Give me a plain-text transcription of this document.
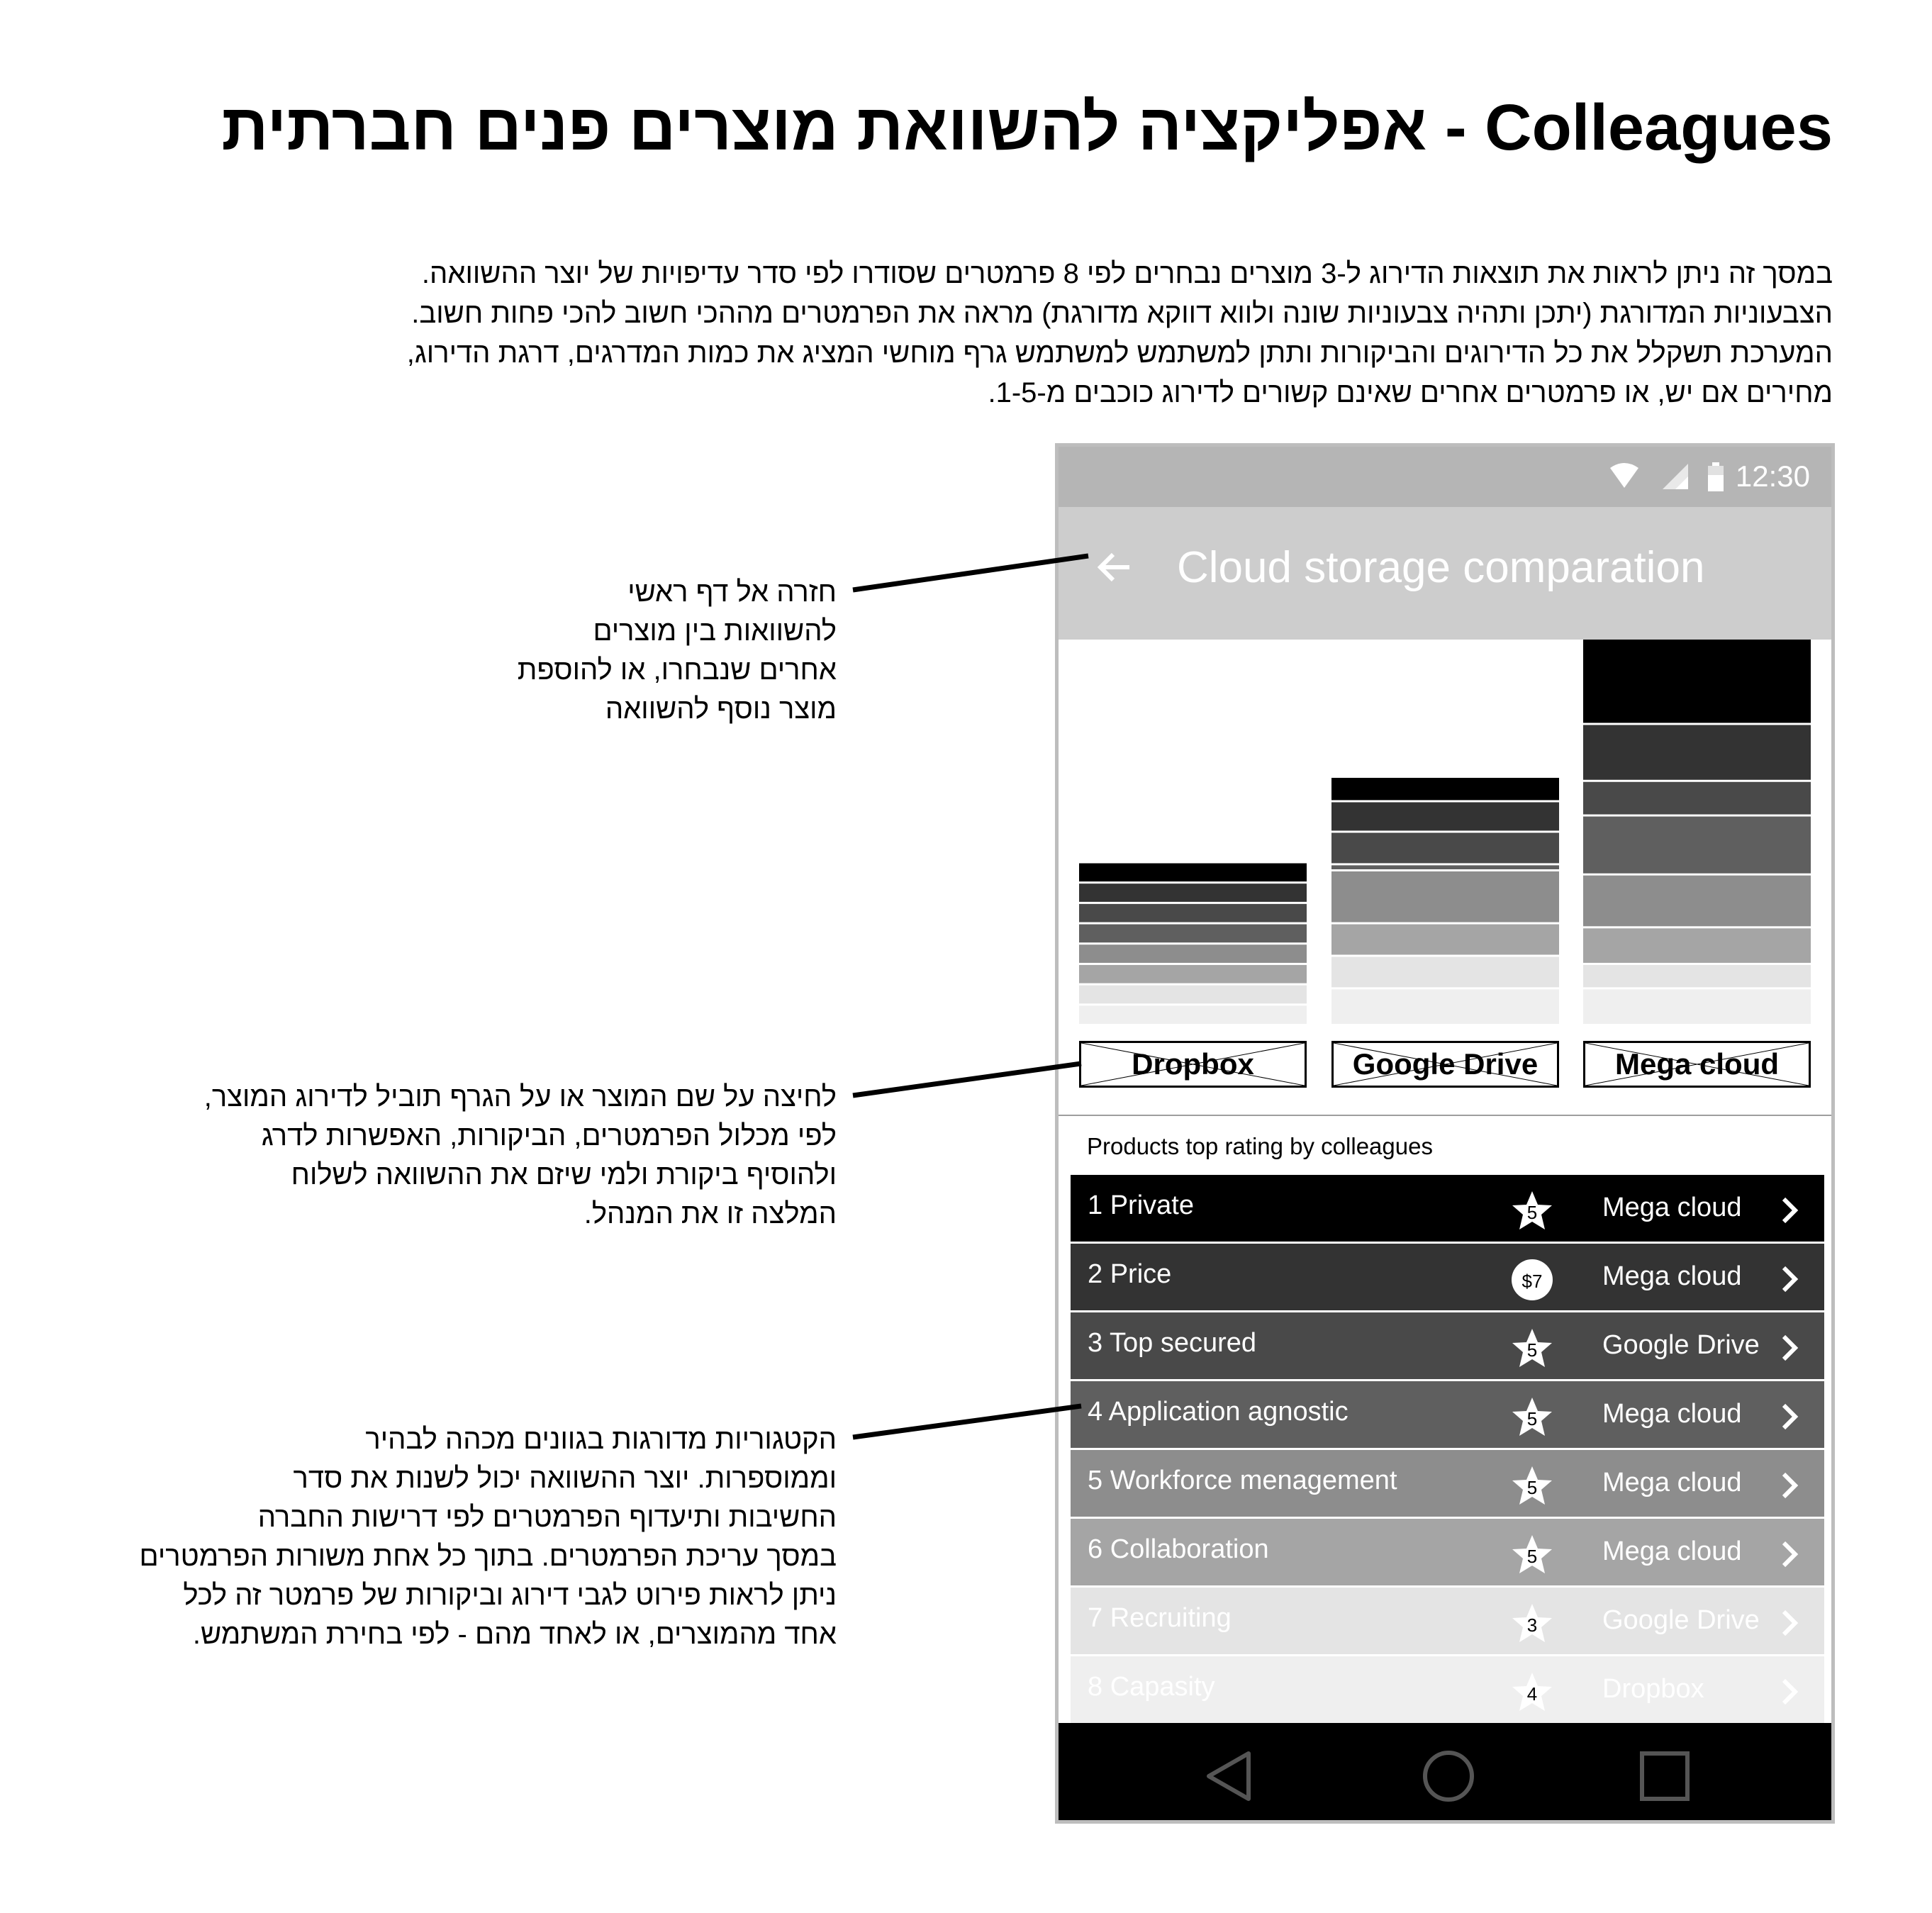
Colleagues - אפליקציה להשוואת מוצרים פנים חברתית
במסך זה ניתן לראות את תוצאות הדירוג ל-3 מוצרים נבחרים לפי 8 פרמטרים שסודרו לפי סדר עדיפויות של יוצר ההשוואה.
הצבעוניות המדורגת (יתכן ותהיה צבעוניות שונה ולווא דווקא מדורגת) מראה את הפרמטרים מההכי חשוב להכי פחות חשוב.
המערכת תשקלל את כל הדירוגים והביקורות ותתן למשתמש למשתמש גרף מוחשי המציג את כמות המדרגים, דרגת הדירוג,
מחירים אם יש, או פרמטרים אחרים שאינם קשורים לדירוג כוכבים מ-1-5.
חזרה אל דף ראשי
להשוואות בין מוצרים
אחרים שנבחרו, או להוספת
מוצר נוסף להשוואה
לחיצה על שם המוצר או על הגרף תוביל לדירוג המוצר,
לפי מכלול הפרמטרים, הביקורות, האפשרות לדרג
ולהוסיף ביקורת ולמי שיזם את ההשוואה לשלוח
המלצה זו את המנהל.
הקטגוריות מדורגות בגוונים מכהה לבהיר
וממוספרות. יוצר ההשוואה יכול לשנות את סדר
החשיבות ותיעדוף הפרמטרים לפי דרישות החברה
במסך עריכת הפרמטרים. בתוך כל אחת משורות הפרמטרים
ניתן לראות פירוט לגבי דירוג וביקורות של פרמטר זה לכל
אחד מהמוצרים, או לאחד מהם - לפי בחירת המשתמש.
12:30
Cloud storage comparation
Dropbox	Google Drive	Mega cloud
Products top rating by colleagues
1 Private	5	Mega cloud
2 Price	$7	Mega cloud
3 Top secured	5	Google Drive
4 Application agnostic	5	Mega cloud
5 Workforce menagement	5	Mega cloud
6 Collaboration	5	Mega cloud
7 Recruiting	3	Google Drive
8 Capasity	4	Dropbox
